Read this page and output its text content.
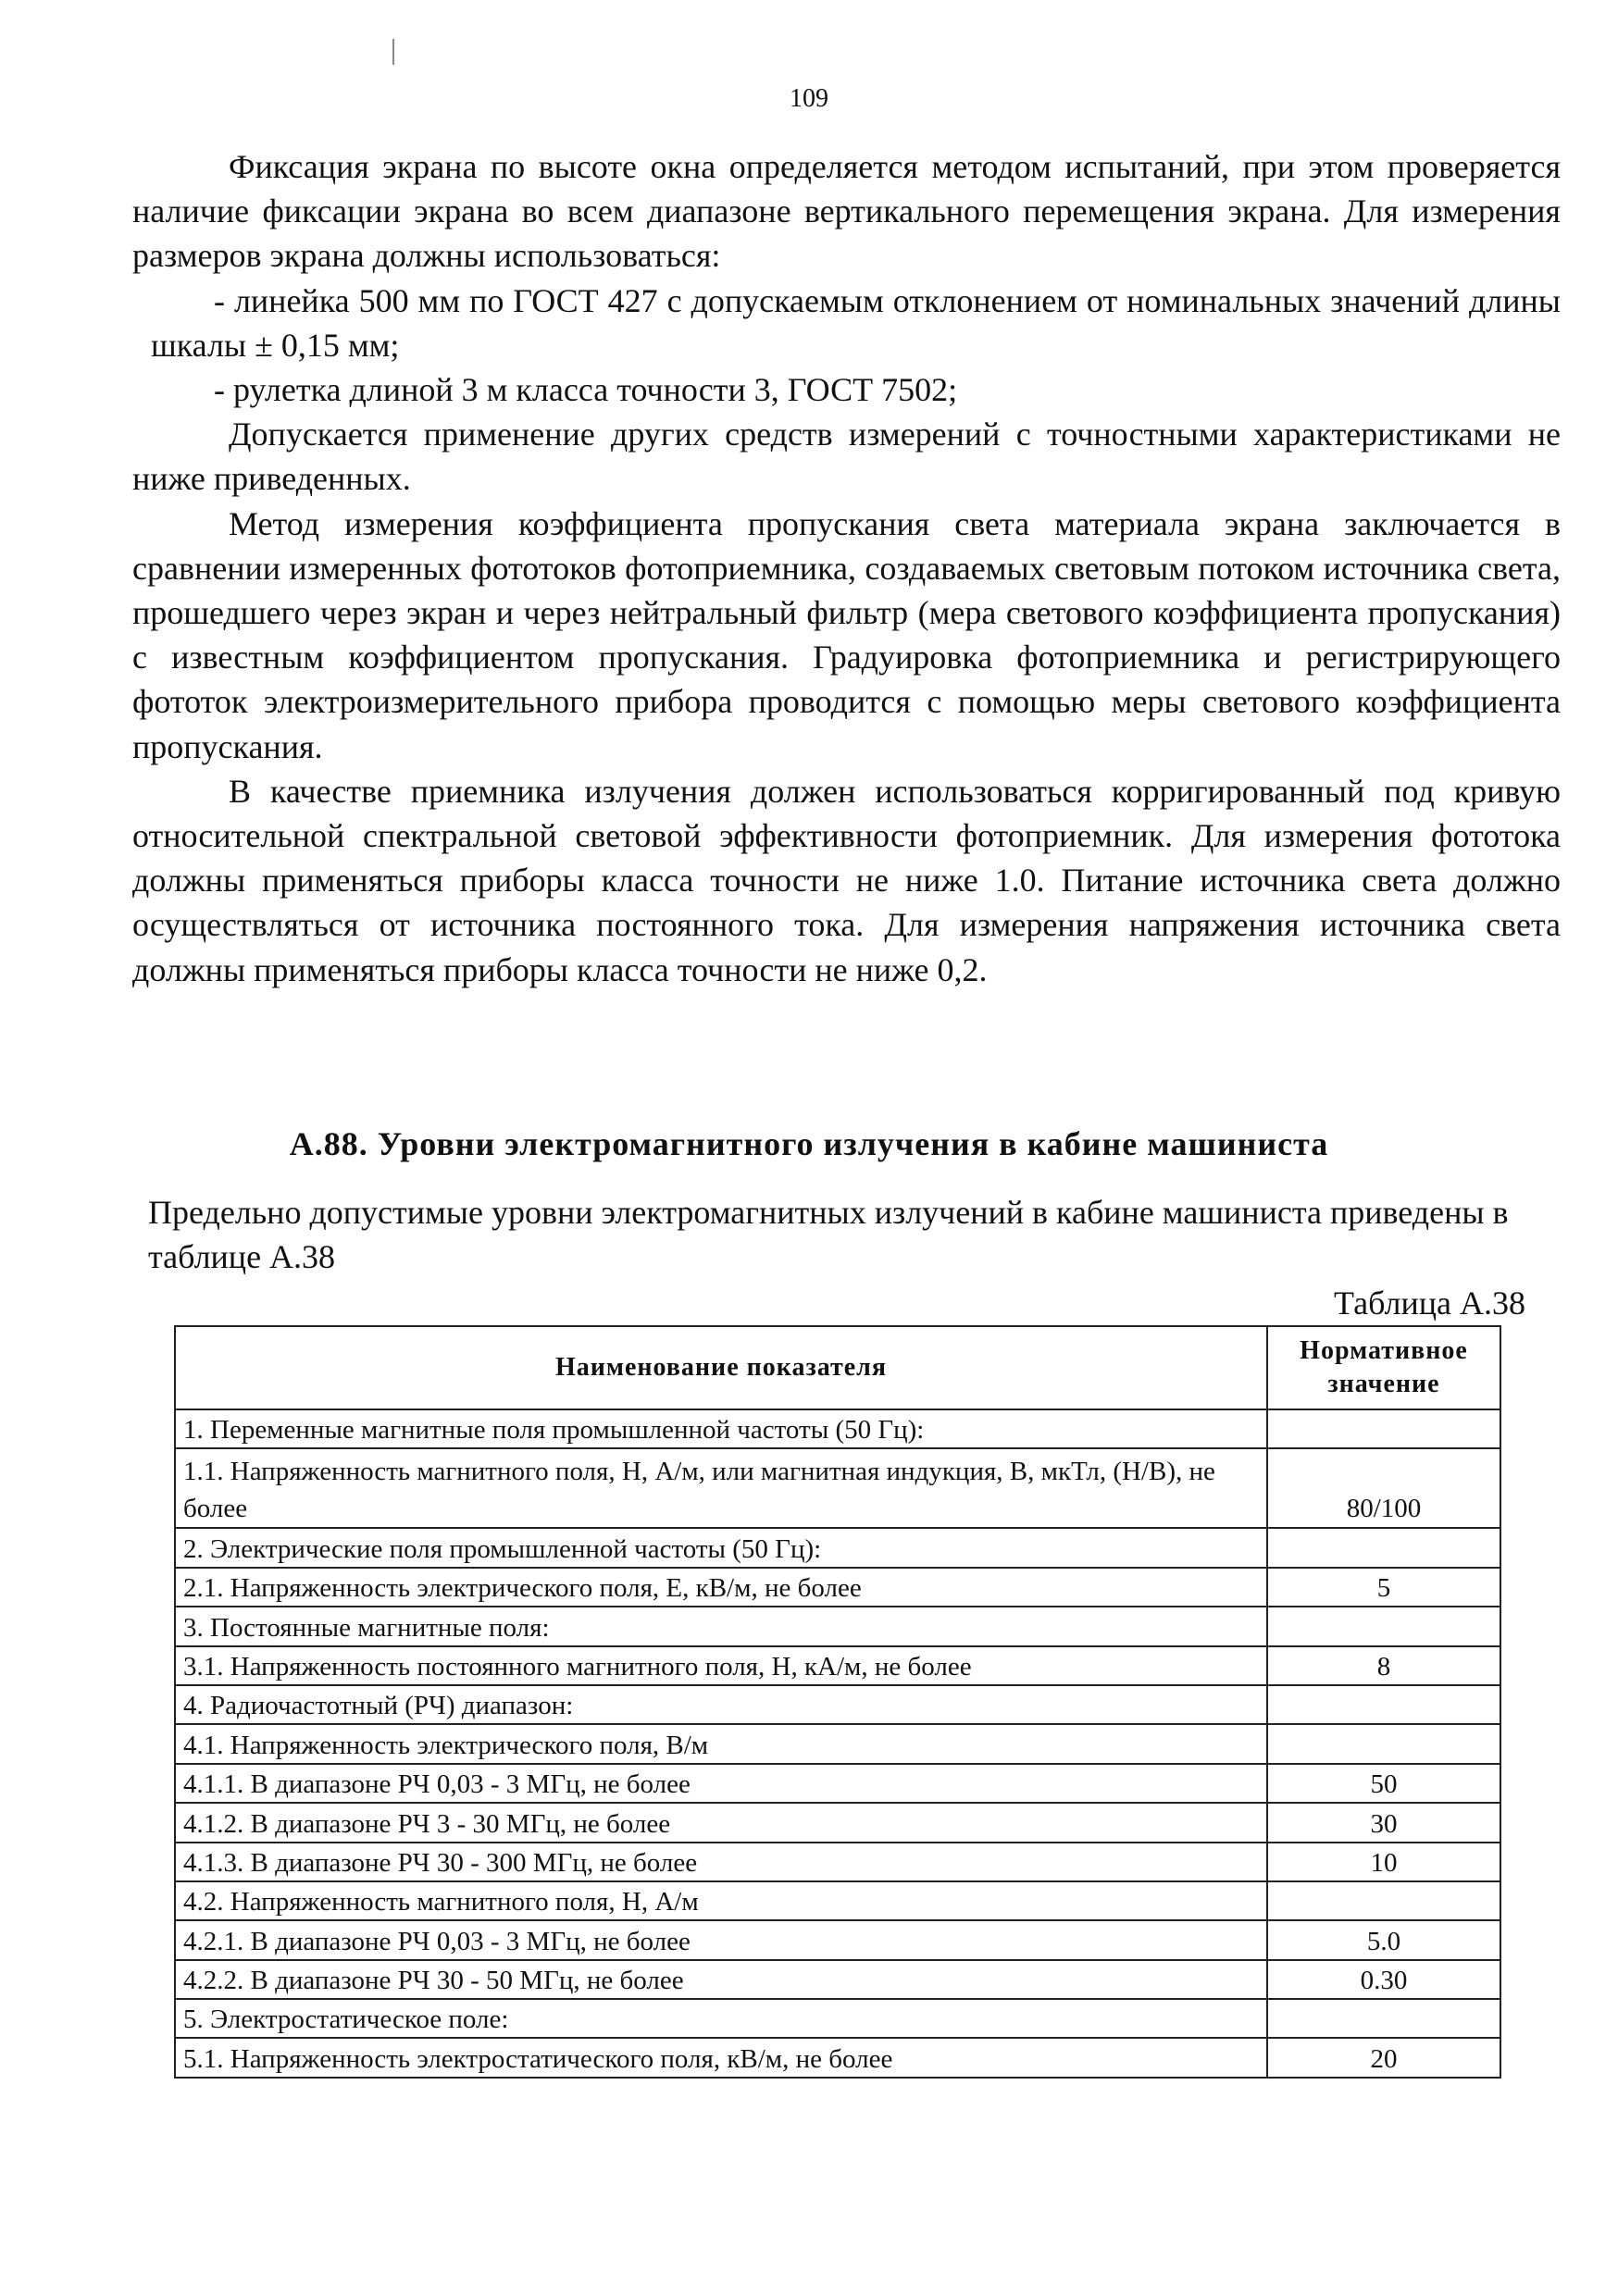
109

Фиксация экрана по высоте окна определяется методом испытаний, при этом проверяется наличие фиксации экрана во всем диапазоне вертикального перемещения экрана. Для измерения размеров экрана должны использоваться:

- линейка 500 мм по ГОСТ 427 с допускаемым отклонением от номинальных значений длины шкалы ± 0,15 мм;

- рулетка длиной 3 м класса точности 3, ГОСТ 7502;

Допускается применение других средств измерений с точностными характеристиками не ниже приведенных.

Метод измерения коэффициента пропускания света материала экрана заключается в сравнении измеренных фототоков фотоприемника, создаваемых световым потоком источника света, прошедшего через экран и через нейтральный фильтр (мера светового коэффициента пропускания) с известным коэффициентом пропускания. Градуировка фотоприемника и регистрирующего фототок электроизмерительного прибора проводится с помощью меры светового коэффициента пропускания.

В качестве приемника излучения должен использоваться корригированный под кривую относительной спектральной световой эффективности фотоприемник. Для измерения фототока должны применяться приборы класса точности не ниже 1.0. Питание источника света должно осуществляться от источника постоянного тока. Для измерения напряжения источника света должны применяться приборы класса точности не ниже 0,2.

А.88. Уровни электромагнитного излучения в кабине машиниста

Предельно допустимые уровни электромагнитных излучений в кабине машиниста приведены в таблице А.38

Таблица А.38
Наименование показателя	Нормативное значение
1. Переменные магнитные поля промышленной частоты (50 Гц):	
1.1. Напряженность магнитного поля, Н, А/м, или магнитная индукция, В, мкТл, (Н/В), не более	80/100
2. Электрические поля промышленной частоты (50 Гц):	
2.1. Напряженность электрического поля, Е, кВ/м, не более	5
3. Постоянные магнитные поля:	
3.1. Напряженность постоянного магнитного поля, Н, кА/м, не более	8
4. Радиочастотный (РЧ) диапазон:	
4.1. Напряженность электрического поля, В/м	
4.1.1. В диапазоне РЧ 0,03 - 3 МГц, не более	50
4.1.2. В диапазоне РЧ 3 - 30 МГц, не более	30
4.1.3. В диапазоне РЧ 30 - 300 МГц, не более	10
4.2. Напряженность магнитного поля, Н, А/м	
4.2.1. В диапазоне РЧ 0,03 - 3 МГц, не более	5.0
4.2.2. В диапазоне РЧ 30 - 50 МГц, не более	0.30
5. Электростатическое поле:	
5.1. Напряженность электростатического поля, кВ/м, не более	20
